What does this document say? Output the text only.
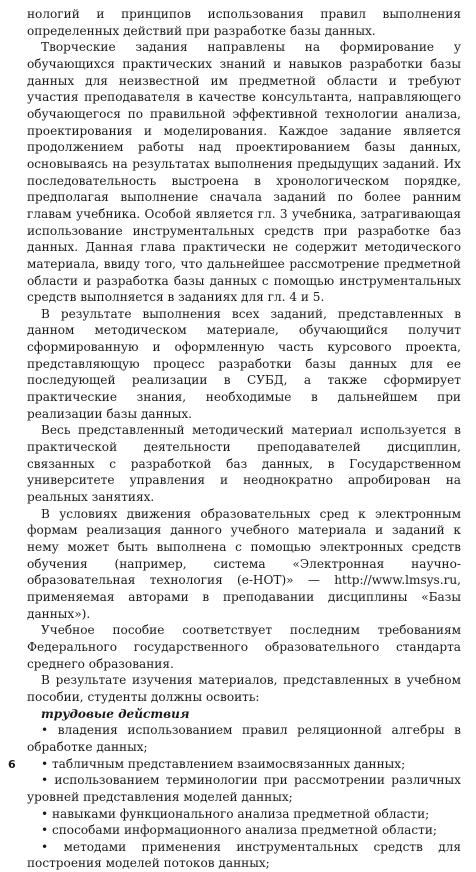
нологий и принципов использования правил выполнения определенных действий при разработке базы данных.

Творческие задания направлены на формирование у обучающихся практических знаний и навыков разработки базы данных для неизвестной им предметной области и требуют участия преподавателя в качестве консультанта, направляющего обучающегося по правильной эффективной технологии анализа, проектирования и моделирования. Каждое задание является продолжением работы над проектированием базы данных, основываясь на результатах выполнения предыдущих заданий. Их последовательность выстроена в хронологическом порядке, предполагая выполнение сначала заданий по более ранним главам учебника. Особой является гл. 3 учебника, затрагивающая использование инструментальных средств при разработке баз данных. Данная глава практически не содержит методического материала, ввиду того, что дальнейшее рассмотрение предметной области и разработка базы данных с помощью инструментальных средств выполняется в заданиях для гл. 4 и 5.

В результате выполнения всех заданий, представленных в данном методическом материале, обучающийся получит сформированную и оформленную часть курсового проекта, представляющую процесс разработки базы данных для ее последующей реализации в СУБД, а также сформирует практические знания, необходимые в дальнейшем при реализации базы данных.

Весь представленный методический материал используется в практической деятельности преподавателей дисциплин, связанных с разработкой баз данных, в Государственном университете управления и неоднократно апробирован на реальных занятиях.

В условиях движения образовательных сред к электронным формам реализация данного учебного материала и заданий к нему может быть выполнена с помощью электронных средств обучения (например, система «Электронная научно-образовательная технология (e-НОТ)» — http://www.lmsys.ru, применяемая авторами в преподавании дисциплины «Базы данных»).

Учебное пособие соответствует последним требованиям Федерального государственного образовательного стандарта среднего образования.

В результате изучения материалов, представленных в учебном пособии, студенты должны освоить:

трудовые действия

• владения использованием правил реляционной алгебры в обработке данных;

• табличным представлением взаимосвязанных данных;

• использованием терминологии при рассмотрении различных уровней представления моделей данных;

• навыками функционального анализа предметной области;

• способами информационного анализа предметной области;

• методами применения инструментальных средств для построения моделей потоков данных;

6
